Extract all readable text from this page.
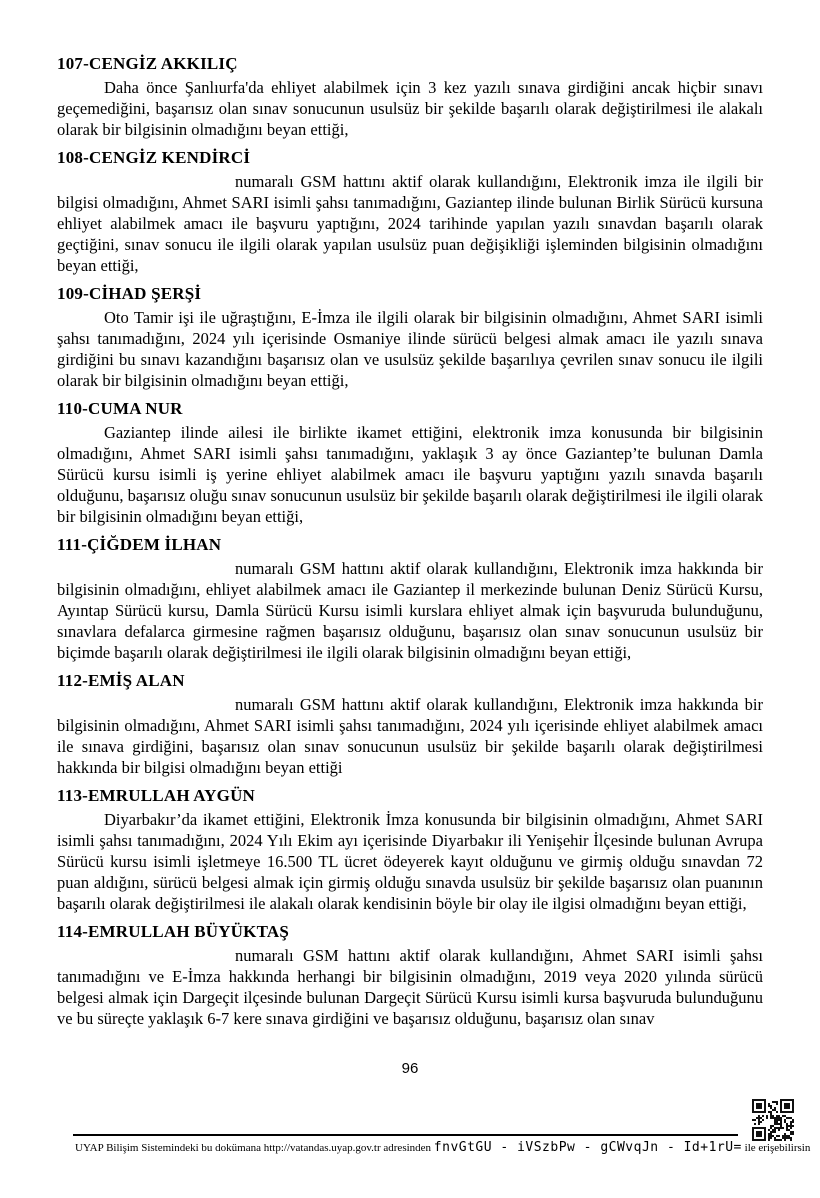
107-CENGİZ AKKILIÇ

Daha önce Şanlıurfa'da ehliyet alabilmek için 3 kez yazılı sınava girdiğini ancak hiçbir sınavı geçemediğini, başarısız olan sınav sonucunun usulsüz bir şekilde başarılı olarak değiştirilmesi ile alakalı olarak bir bilgisinin olmadığını beyan ettiği,

108-CENGİZ KENDİRCİ

numaralı GSM hattını aktif olarak kullandığını, Elektronik imza ile ilgili bir bilgisi olmadığını, Ahmet SARI isimli şahsı tanımadığını, Gaziantep ilinde bulunan Birlik Sürücü kursuna ehliyet alabilmek amacı ile başvuru yaptığını, 2024 tarihinde yapılan yazılı sınavdan başarılı olarak geçtiğini, sınav sonucu ile ilgili olarak yapılan usulsüz puan değişikliği işleminden bilgisinin olmadığını beyan ettiği,

109-CİHAD ŞERŞİ

Oto Tamir işi ile uğraştığını, E-İmza ile ilgili olarak bir bilgisinin olmadığını, Ahmet SARI isimli şahsı tanımadığını, 2024 yılı içerisinde Osmaniye ilinde sürücü belgesi almak amacı ile yazılı sınava girdiğini bu sınavı kazandığını başarısız olan ve usulsüz şekilde başarılıya çevrilen sınav sonucu ile ilgili olarak bir bilgisinin olmadığını beyan ettiği,

110-CUMA NUR

Gaziantep ilinde ailesi ile birlikte ikamet ettiğini, elektronik imza konusunda bir bilgisinin olmadığını, Ahmet SARI isimli şahsı tanımadığını, yaklaşık 3 ay önce Gaziantep’te bulunan Damla Sürücü kursu isimli iş yerine ehliyet alabilmek amacı ile başvuru yaptığını yazılı sınavda başarılı olduğunu, başarısız oluğu sınav sonucunun usulsüz bir şekilde başarılı olarak değiştirilmesi ile ilgili olarak bir bilgisinin olmadığını beyan ettiği,

111-ÇİĞDEM İLHAN

numaralı GSM hattını aktif olarak kullandığını, Elektronik imza hakkında bir bilgisinin olmadığını, ehliyet alabilmek amacı ile Gaziantep il merkezinde bulunan Deniz Sürücü Kursu, Ayıntap Sürücü kursu, Damla Sürücü Kursu isimli kurslara ehliyet almak için başvuruda bulunduğunu, sınavlara defalarca girmesine rağmen başarısız olduğunu, başarısız olan sınav sonucunun usulsüz bir biçimde başarılı olarak değiştirilmesi ile ilgili olarak bilgisinin olmadığını beyan ettiği,

112-EMİŞ ALAN

numaralı GSM hattını aktif olarak kullandığını, Elektronik imza hakkında bir bilgisinin olmadığını, Ahmet SARI isimli şahsı tanımadığını, 2024 yılı içerisinde ehliyet alabilmek amacı ile sınava girdiğini, başarısız olan sınav sonucunun usulsüz bir şekilde başarılı olarak değiştirilmesi hakkında bir bilgisi olmadığını beyan ettiği

113-EMRULLAH AYGÜN

Diyarbakır’da ikamet ettiğini, Elektronik İmza konusunda bir bilgisinin olmadığını, Ahmet SARI isimli şahsı tanımadığını, 2024 Yılı Ekim ayı içerisinde Diyarbakır ili Yenişehir İlçesinde bulunan Avrupa Sürücü kursu isimli işletmeye 16.500 TL ücret ödeyerek kayıt olduğunu ve girmiş olduğu sınavdan 72 puan aldığını, sürücü belgesi almak için girmiş olduğu sınavda usulsüz bir şekilde başarısız olan puanının başarılı olarak değiştirilmesi ile alakalı olarak kendisinin böyle bir olay ile ilgisi olmadığını beyan ettiği,

114-EMRULLAH BÜYÜKTAŞ

numaralı GSM hattını aktif olarak kullandığını, Ahmet SARI isimli şahsı tanımadığını ve E-İmza hakkında herhangi bir bilgisinin olmadığını, 2019 veya 2020 yılında sürücü belgesi almak için Dargeçit ilçesinde bulunan Dargeçit Sürücü Kursu isimli kursa başvuruda bulunduğunu ve bu süreçte yaklaşık 6-7 kere sınava girdiğini ve başarısız olduğunu, başarısız olan sınav

96
UYAP Bilişim Sistemindeki bu dokümana http://vatandas.uyap.gov.tr adresinden fnvGtGU - iVSzbPw - gCWvqJn - Id+1rU= ile erişebilirsin
